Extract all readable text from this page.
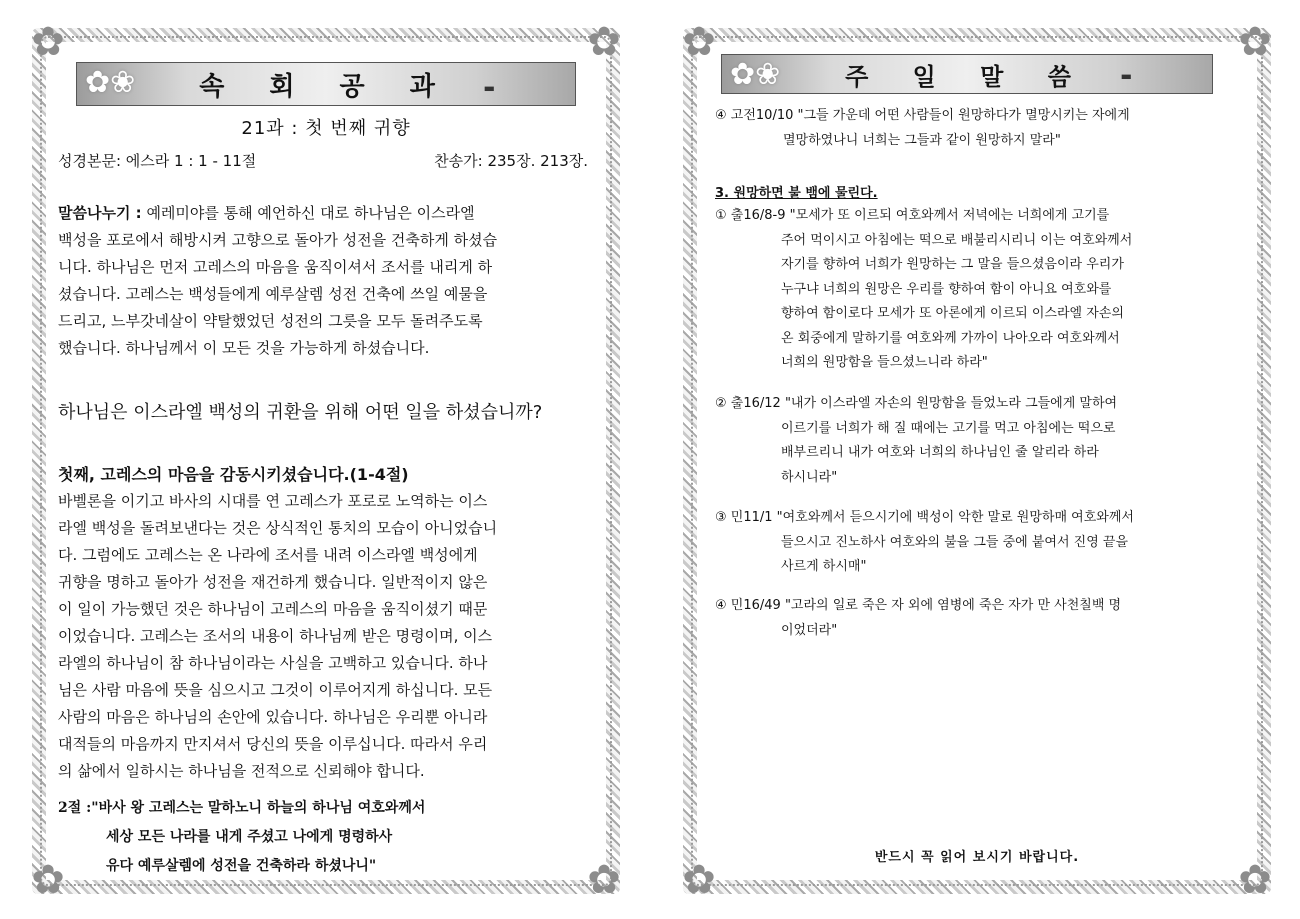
✿	✿
✿	✿
✿❀ 속 회 공 과	▬
21과 : 첫 번째 귀향
성경본문: 에스라 1 : 1 - 11절	찬송가: 235장. 213장.
말씀나누기 : 예레미야를 통해 예언하신 대로 하나님은 이스라엘
백성을 포로에서 해방시켜 고향으로 돌아가 성전을 건축하게 하셨습
니다. 하나님은 먼저 고레스의 마음을 움직이셔서 조서를 내리게 하
셨습니다. 고레스는 백성들에게 예루살렘 성전 건축에 쓰일 예물을
드리고, 느부갓네살이 약탈했었던 성전의 그릇을 모두 돌려주도록
했습니다. 하나님께서 이 모든 것을 가능하게 하셨습니다.
하나님은 이스라엘 백성의 귀환을 위해 어떤 일을 하셨습니까?
첫째, 고레스의 마음을 감동시키셨습니다.(1-4절)
바벨론을 이기고 바사의 시대를 연 고레스가 포로로 노역하는 이스
라엘 백성을 돌려보낸다는 것은 상식적인 통치의 모습이 아니었습니
다. 그럼에도 고레스는 온 나라에 조서를 내려 이스라엘 백성에게
귀향을 명하고 돌아가 성전을 재건하게 했습니다. 일반적이지 않은
이 일이 가능했던 것은 하나님이 고레스의 마음을 움직이셨기 때문
이었습니다. 고레스는 조서의 내용이 하나님께 받은 명령이며, 이스
라엘의 하나님이 참 하나님이라는 사실을 고백하고 있습니다. 하나
님은 사람 마음에 뜻을 심으시고 그것이 이루어지게 하십니다. 모든
사람의 마음은 하나님의 손안에 있습니다. 하나님은 우리뿐 아니라
대적들의 마음까지 만지셔서 당신의 뜻을 이루십니다. 따라서 우리
의 삶에서 일하시는 하나님을 전적으로 신뢰해야 합니다.
2절 :"바사 왕 고레스는 말하노니 하늘의 하나님 여호와께서
세상 모든 나라를 내게 주셨고 나에게 명령하사
유다 예루살렘에 성전을 건축하라 하셨나니"
✿	✿
✿	✿
✿❀	주 일 말 씀	▬
④ 고전10/10 "그들 가운데 어떤 사람들이 원망하다가 멸망시키는 자에게
멸망하였나니 너희는 그들과 같이 원망하지 말라"
3. 원망하면 불 뱀에 물린다.
① 출16/8-9 "모세가 또 이르되 여호와께서 저녁에는 너희에게 고기를
주어 먹이시고 아침에는 떡으로 배불리시리니 이는 여호와께서
자기를 향하여 너희가 원망하는 그 말을 들으셨음이라 우리가
누구냐 너희의 원망은 우리를 향하여 함이 아니요 여호와를
향하여 함이로다 모세가 또 아론에게 이르되 이스라엘 자손의
온 회중에게 말하기를 여호와께 가까이 나아오라 여호와께서
너희의 원망함을 들으셨느니라 하라"
② 출16/12 "내가 이스라엘 자손의 원망함을 들었노라 그들에게 말하여
이르기를 너희가 해 질 때에는 고기를 먹고 아침에는 떡으로
배부르리니 내가 여호와 너희의 하나님인 줄 알리라 하라
하시니라"
③ 민11/1 "여호와께서 듣으시기에 백성이 악한 말로 원망하매 여호와께서
들으시고 진노하사 여호와의 불을 그들 중에 붙여서 진영 끝을
사르게 하시매"
④ 민16/49 "고라의 일로 죽은 자 외에 염병에 죽은 자가 만 사천칠백 명
이었더라"
반드시 꼭 읽어 보시기 바랍니다.
